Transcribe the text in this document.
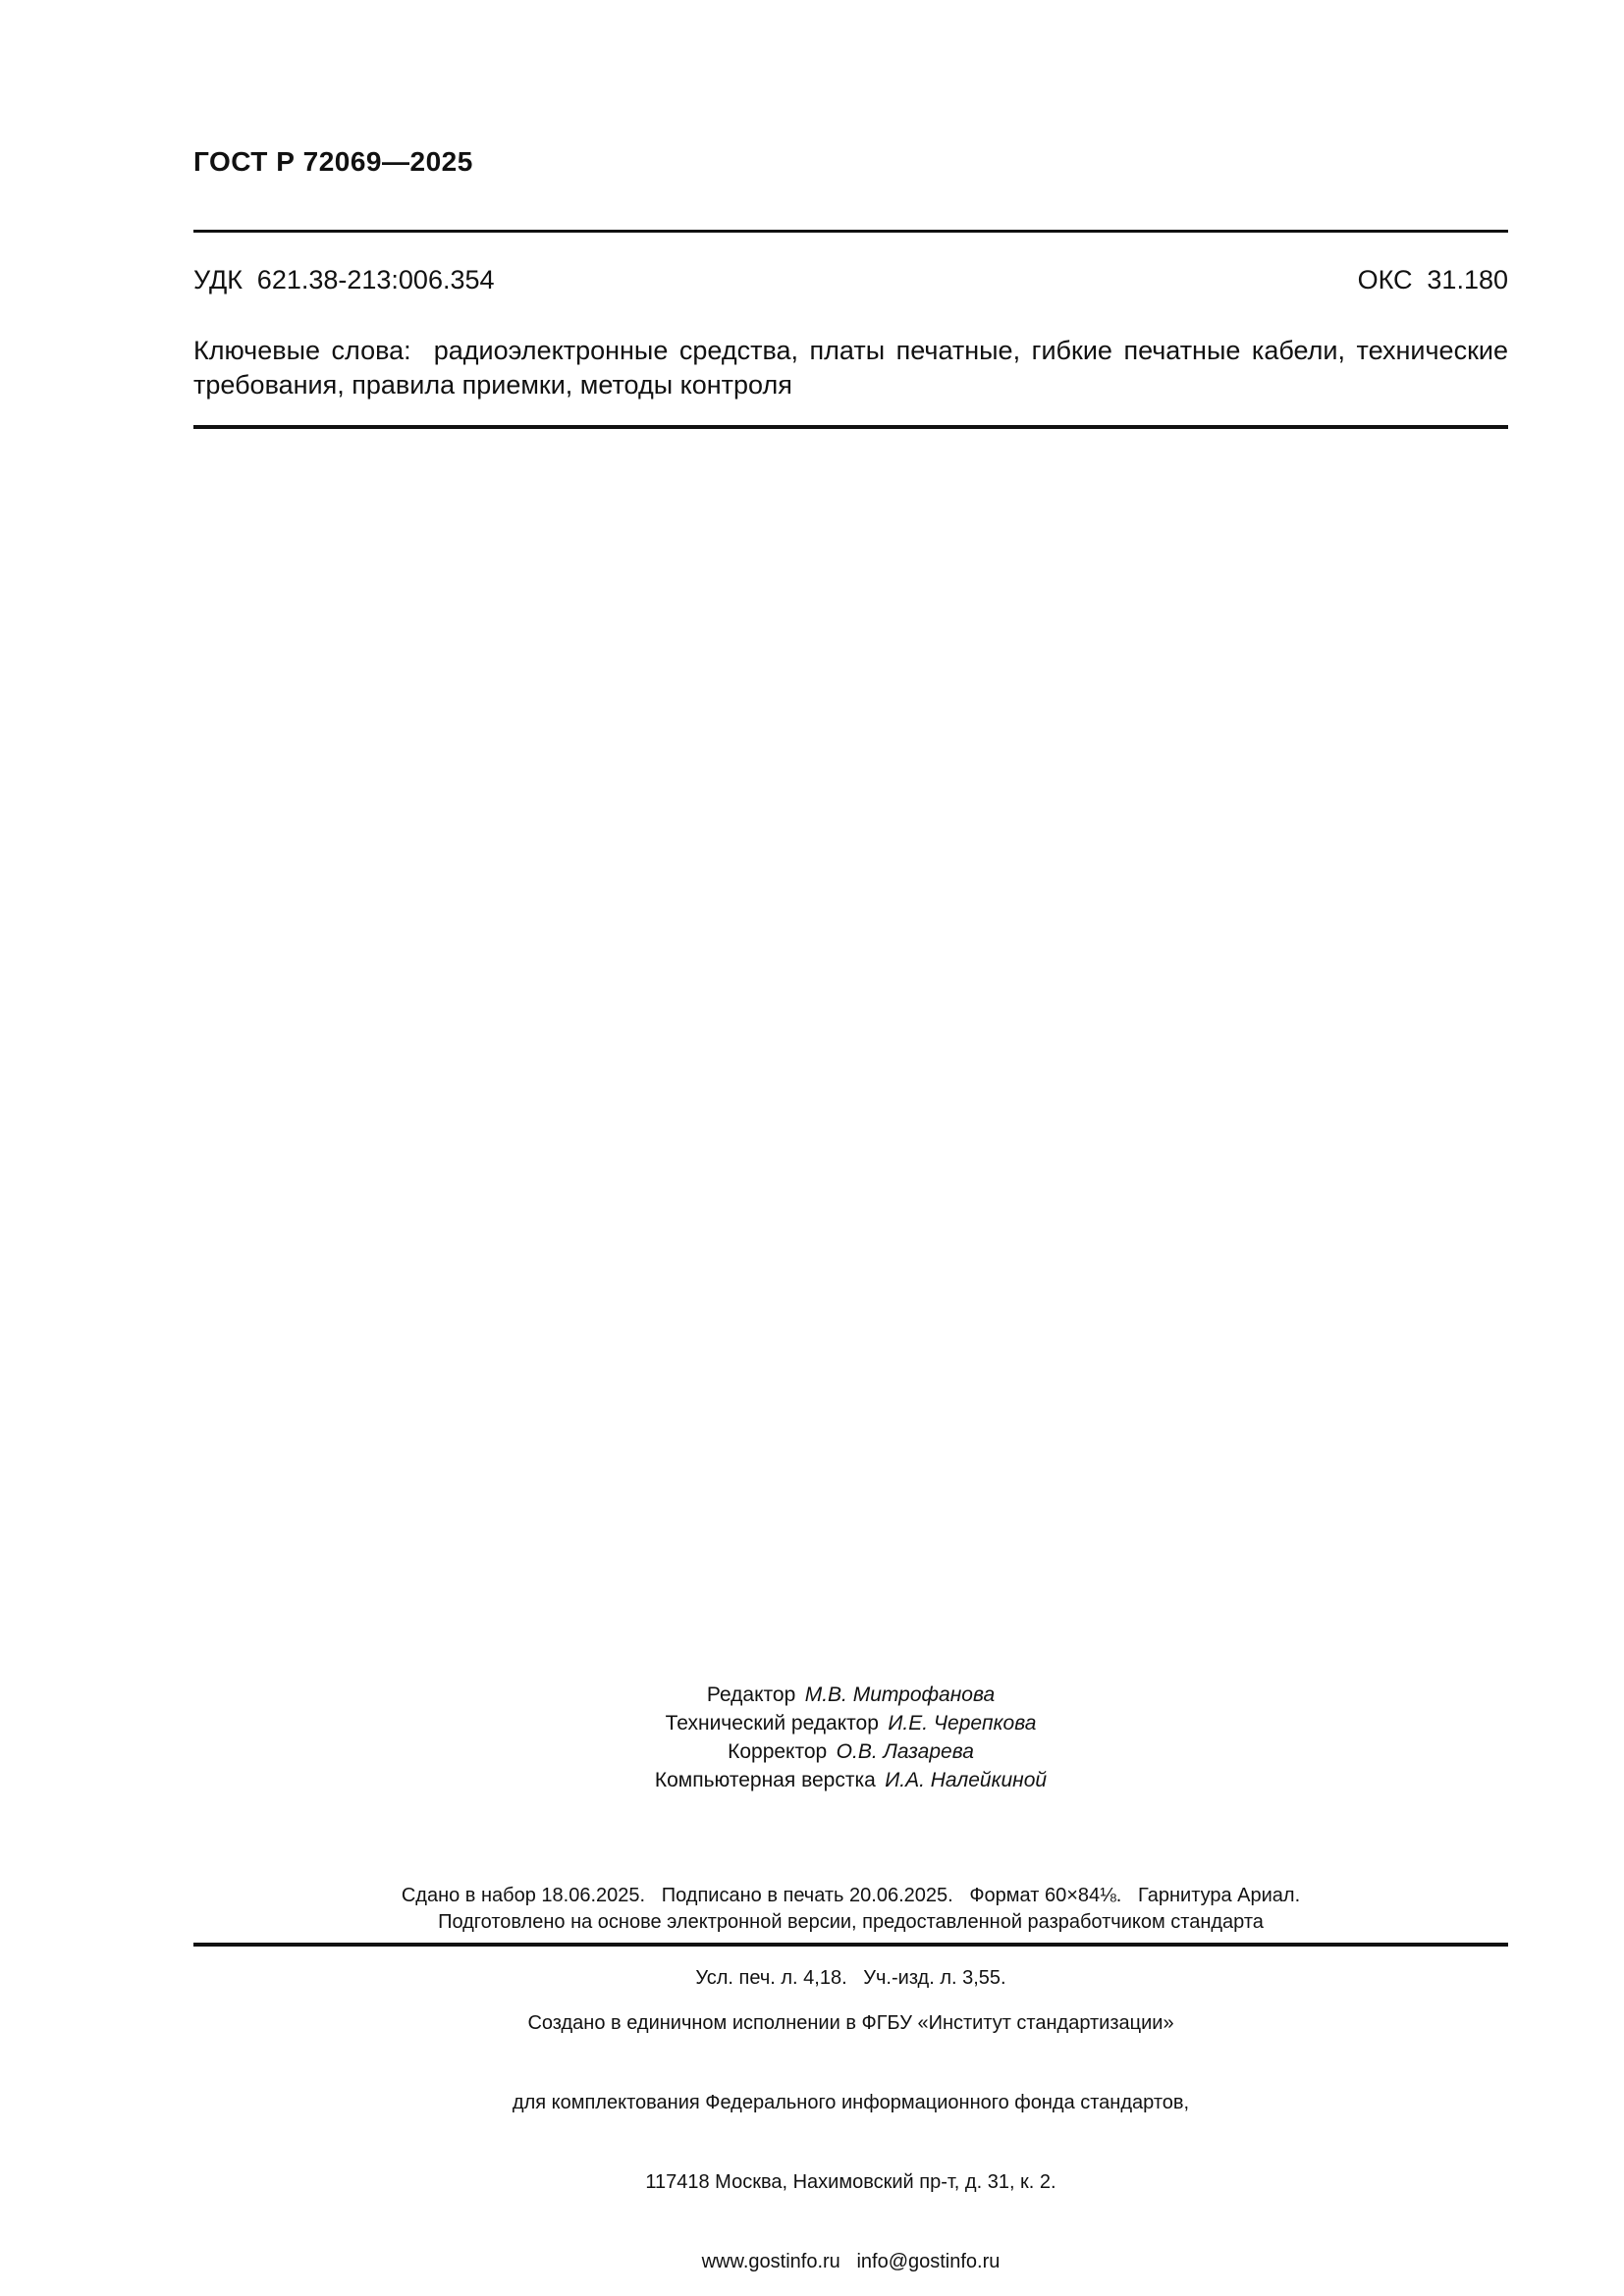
ГОСТ Р 72069—2025
УДК 621.38-213:006.354	ОКС 31.180
Ключевые слова:  радиоэлектронные средства, платы печатные, гибкие печатные кабели, технические требования, правила приемки, методы контроля
Редактор М.В. Митрофанова
Технический редактор И.Е. Черепкова
Корректор О.В. Лазарева
Компьютерная верстка И.А. Налейкиной

Сдано в набор 18.06.2025.   Подписано в печать 20.06.2025.   Формат 60×84⅛.   Гарнитура Ариал.

Усл. печ. л. 4,18.   Уч.-изд. л. 3,55.

Подготовлено на основе электронной версии, предоставленной разработчиком стандарта

Создано в единичном исполнении в ФГБУ «Институт стандартизации»

для комплектования Федерального информационного фонда стандартов,

117418 Москва, Нахимовский пр-т, д. 31, к. 2.

www.gostinfo.ru   info@gostinfo.ru
